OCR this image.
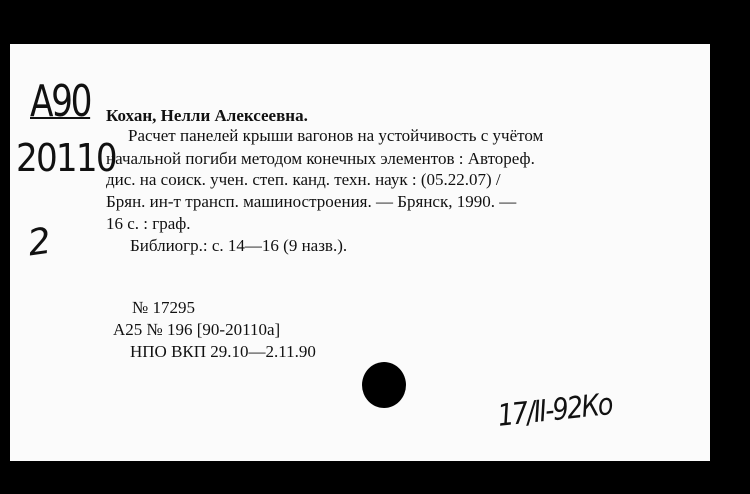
A90
20110
2
Кохан, Нелли Алексеевна.
Расчет панелей крыши вагонов на устойчивость с учётом
начальной погиби методом конечных элементов : Автореф.
дис. на соиск. учен. степ. канд. техн. наук : (05.22.07) /
Брян. ин-т трансп. машиностроения. — Брянск, 1990. —
16 с. : граф.
Библиогр.: с. 14—16 (9 назв.).
№ 17295
А25 № 196 [90-20110а]
НПО ВКП 29.10—2.11.90
17/II-92Ко
